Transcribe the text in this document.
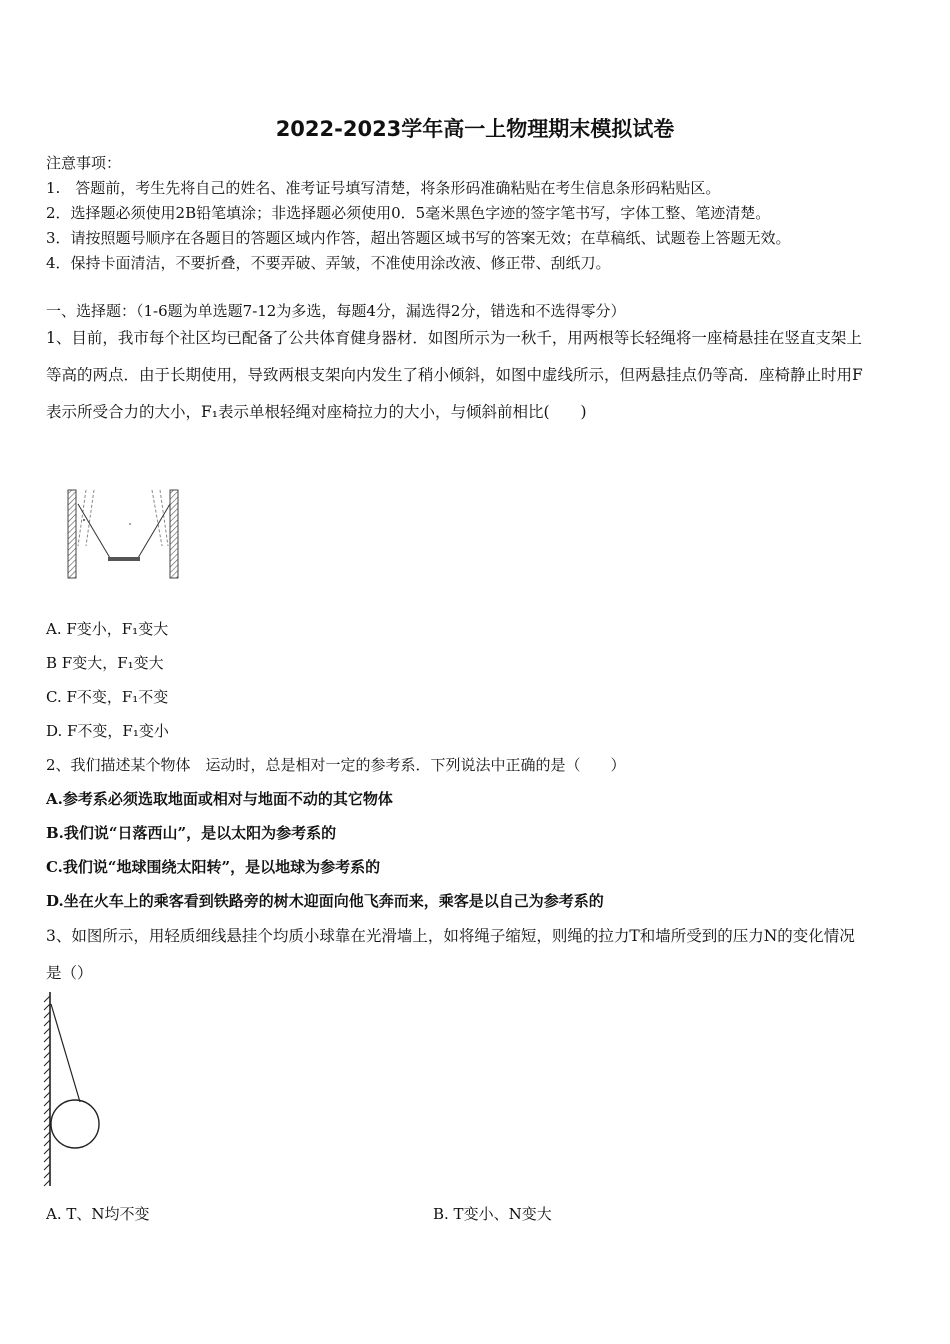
2022-2023学年高一上物理期末模拟试卷
注意事项：
1.　答题前，考生先将自己的姓名、准考证号填写清楚，将条形码准确粘贴在考生信息条形码粘贴区。
2．选择题必须使用2B铅笔填涂；非选择题必须使用0．5毫米黑色字迹的签字笔书写，字体工整、笔迹清楚。
3．请按照题号顺序在各题目的答题区域内作答，超出答题区域书写的答案无效；在草稿纸、试题卷上答题无效。
4．保持卡面清洁，不要折叠，不要弄破、弄皱，不准使用涂改液、修正带、刮纸刀。
一、选择题：（1-6题为单选题7-12为多选，每题4分，漏选得2分，错选和不选得零分）
1、目前，我市每个社区均已配备了公共体育健身器材．如图所示为一秋千，用两根等长轻绳将一座椅悬挂在竖直支架上
等高的两点．由于长期使用，导致两根支架向内发生了稍小倾斜，如图中虚线所示，但两悬挂点仍等高．座椅静止时用F
表示所受合力的大小，F₁表示单根轻绳对座椅拉力的大小，与倾斜前相比(　　)
A. F变小，F₁变大
B F变大，F₁变大
C. F不变，F₁不变
D. F不变，F₁变小
2、我们描述某个物体　运动时，总是相对一定的参考系．下列说法中正确的是（　　）
A.参考系必须选取地面或相对与地面不动的其它物体
B.我们说“日落西山”，是以太阳为参考系的
C.我们说“地球围绕太阳转”，是以地球为参考系的
D.坐在火车上的乘客看到铁路旁的树木迎面向他飞奔而来，乘客是以自己为参考系的
3、如图所示，用轻质细线悬挂个均质小球靠在光滑墙上，如将绳子缩短，则绳的拉力T和墙所受到的压力N的变化情况
是（）
A. T、N均不变	B. T变小、N变大
